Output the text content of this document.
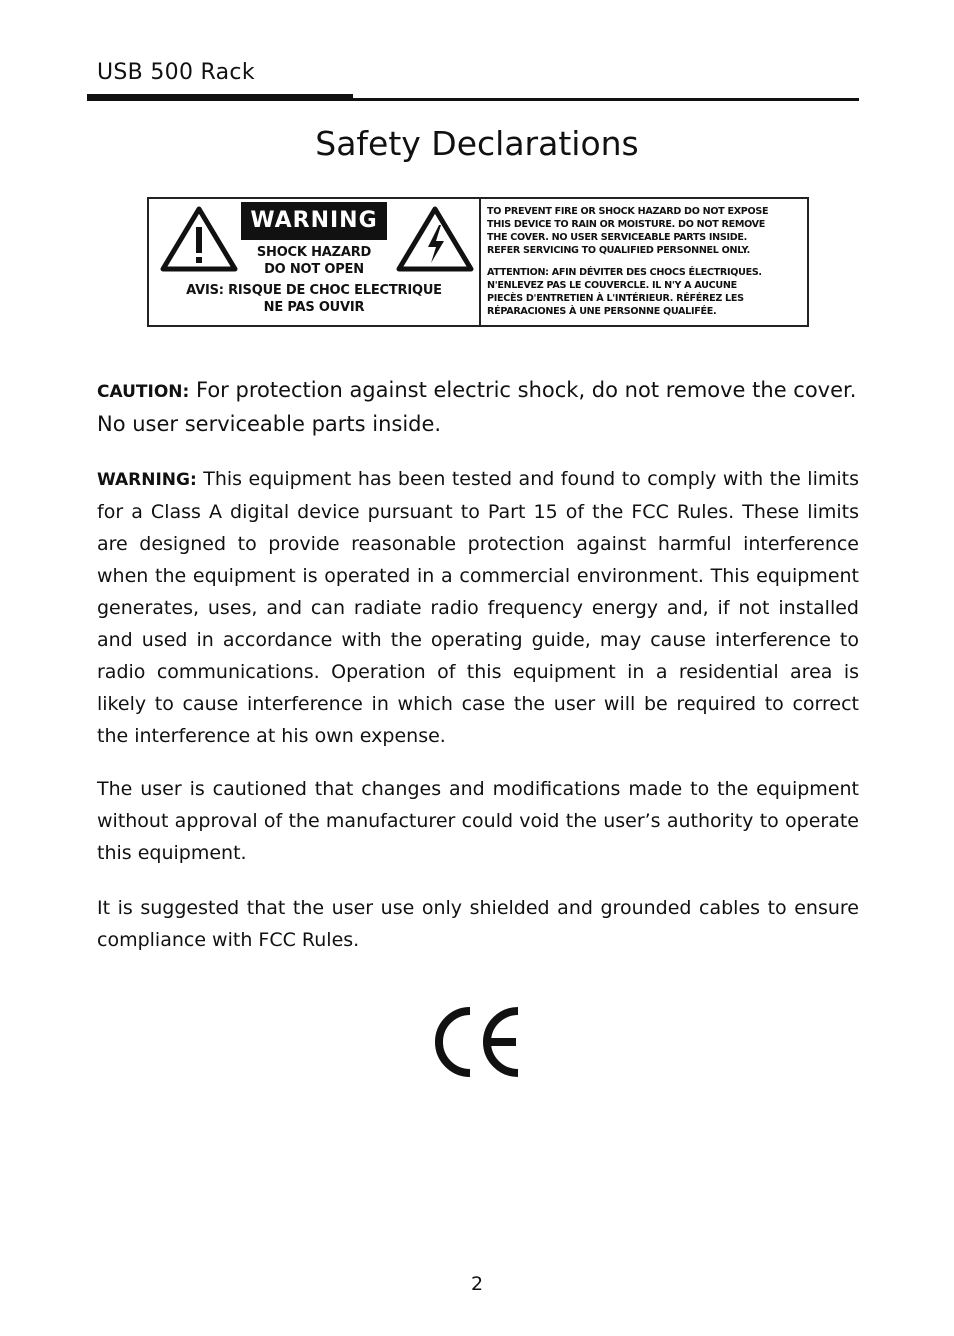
USB 500 Rack
Safety Declarations
WARNING
SHOCK HAZARD
DO NOT OPEN
AVIS: RISQUE DE CHOC ELECTRIQUE
NE PAS OUVIR
TO PREVENT FIRE OR SHOCK HAZARD DO NOT EXPOSE
THIS DEVICE TO RAIN OR MOISTURE. DO NOT REMOVE
THE COVER. NO USER SERVICEABLE PARTS INSIDE.
REFER SERVICING TO QUALIFIED PERSONNEL ONLY.
ATTENTION: AFIN DÉVITER DES CHOCS ÉLECTRIQUES.
N'ENLEVEZ PAS LE COUVERCLE. IL N'Y A AUCUNE
PIECÈS D'ENTRETIEN À L'INTÉRIEUR. RÉFÉREZ LES
RÉPARACIONES À UNE PERSONNE QUALIFÉE.

CAUTION: For protection against electric shock, do not remove the cover. No user serviceable parts inside.

WARNING: This equipment has been tested and found to comply with the limits for a Class A digital device pursuant to Part 15 of the FCC Rules. These limits are designed to provide reasonable protection against harmful interference when the equipment is operated in a commercial environment. This equipment generates, uses, and can radiate radio frequency energy and, if not installed and used in accordance with the operating guide, may cause interference to radio communications. Operation of this equipment in a residential area is likely to cause interference in which case the user will be required to correct the interference at his own expense.

The user is cautioned that changes and modifications made to the equipment without approval of the manufacturer could void the user’s authority to operate this equipment.

It is suggested that the user use only shielded and grounded cables to ensure compliance with FCC Rules.

2
